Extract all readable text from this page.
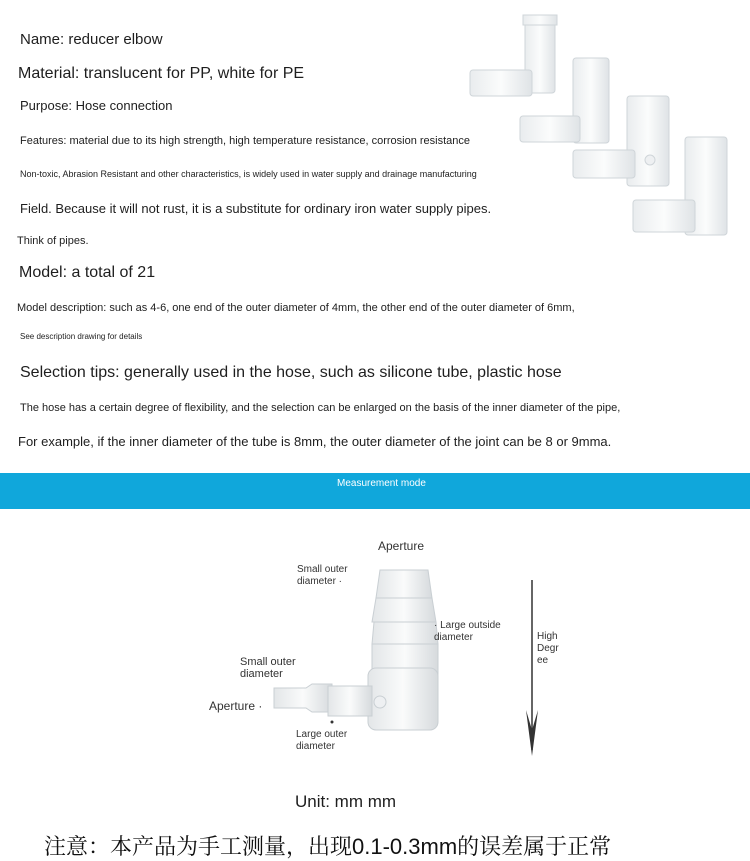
Name: reducer elbow

Material: translucent for PP, white for PE

Purpose: Hose connection

Features: material due to its high strength, high temperature resistance, corrosion resistance

Non-toxic, Abrasion Resistant and other characteristics, is widely used in water supply and drainage manufacturing

Field. Because it will not rust, it is a substitute for ordinary iron water supply pipes.

Think of pipes.

Model: a total of 21

Model description: such as 4-6, one end of the outer diameter of 4mm, the other end of the outer diameter of 6mm,

See description drawing for details

Selection tips: generally used in the hose, such as silicone tube, plastic hose

The hose has a certain degree of flexibility, and the selection can be enlarged on the basis of the inner diameter of the pipe,

For example, if the inner diameter of the tube is 8mm, the outer diameter of the joint can be 8 or 9mma.

Measurement mode
Aperture
Small outer diameter ·
· Large outside diameter	High Degr ee
Small outer diameter
Aperture ·
Large outer diameter

Unit: mm mm

注意：本产品为手工测量，出现0.1-0.3mm的误差属于正常
